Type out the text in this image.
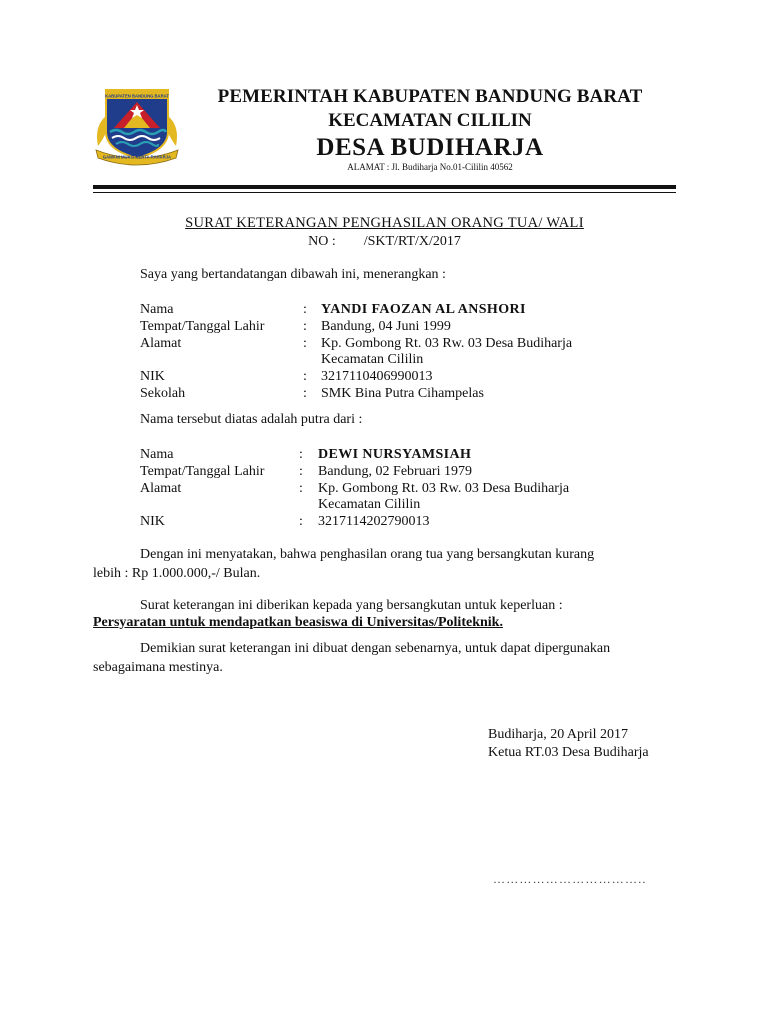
KABUPATEN BANDUNG BARAT
GAWANI MUKTI KERTA RAHARJA
PEMERINTAH KABUPATEN BANDUNG BARAT
KECAMATAN CILILIN
DESA BUDIHARJA
ALAMAT : Jl. Budiharja No.01-Cililin 40562
SURAT KETERANGAN PENGHASILAN ORANG TUA/ WALI
NO : /SKT/RT/X/2017
Saya yang bertandatangan dibawah ini, menerangkan :
Nama	: YANDI FAOZAN AL ANSHORI
Tempat/Tanggal Lahir	: Bandung, 04 Juni 1999
Alamat	: Kp. Gombong Rt. 03 Rw. 03 Desa Budiharja
Kecamatan Cililin
NIK	: 3217110406990013
Sekolah	: SMK Bina Putra Cihampelas
Nama tersebut diatas adalah putra dari :
Nama	: DEWI NURSYAMSIAH
Tempat/Tanggal Lahir : Bandung, 02 Februari 1979
Alamat	: Kp. Gombong Rt. 03 Rw. 03 Desa Budiharja
Kecamatan Cililin
NIK	: 3217114202790013
Dengan ini menyatakan, bahwa penghasilan orang tua yang bersangkutan kurang
lebih : Rp 1.000.000,-/ Bulan.
Surat keterangan ini diberikan kepada yang bersangkutan untuk keperluan :
Persyaratan untuk mendapatkan beasiswa di Universitas/Politeknik.
Demikian surat keterangan ini dibuat dengan sebenarnya, untuk dapat dipergunakan
sebagaimana mestinya.
Budiharja, 20 April 2017
Ketua RT.03 Desa Budiharja
……………………………..
